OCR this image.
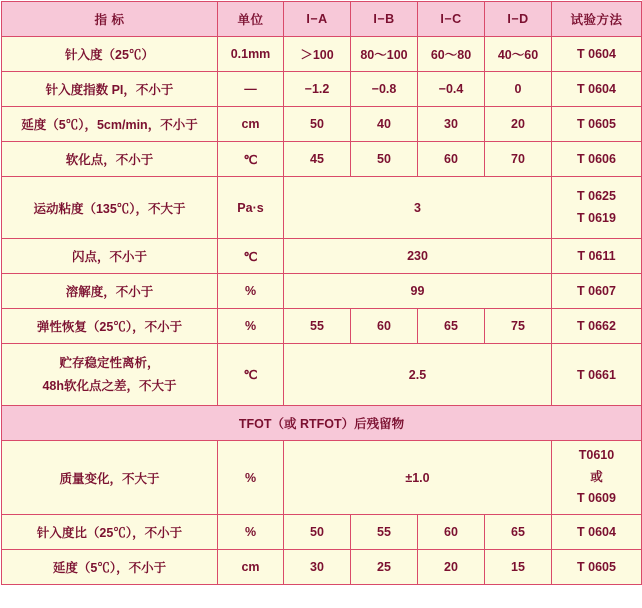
指 标	单位	I−A	I−B	I−C	I−D	试验方法
针入度（25℃）	0.1mm	＞100	80～100	60～80	40～60	T 0604
针入度指数 PI，不小于	—	−1.2	−0.8	−0.4	0	T 0604
延度（5℃），5cm/min，不小于	cm	50	40	30	20	T 0605
软化点，不小于	℃	45	50	60	70	T 0606
运动粘度（135℃），不大于	Pa·s	3				T 0625
T 0619

闪点，不小于	℃	230				T 0611
溶解度，不小于	%	99				T 0607
弹性恢复（25℃），不小于	%	55	60	65	75	T 0662

贮存稳定性离析，
48h软化点之差，不大于	℃	2.5				T 0661
TFOT（或 RTFOT）后残留物						
质量变化，不大于	%	±1.0				T0610
或
T 0609

针入度比（25℃），不小于	%	50	55	60	65	T 0604
延度（5℃），不小于	cm	30	25	20	15	T 0605
